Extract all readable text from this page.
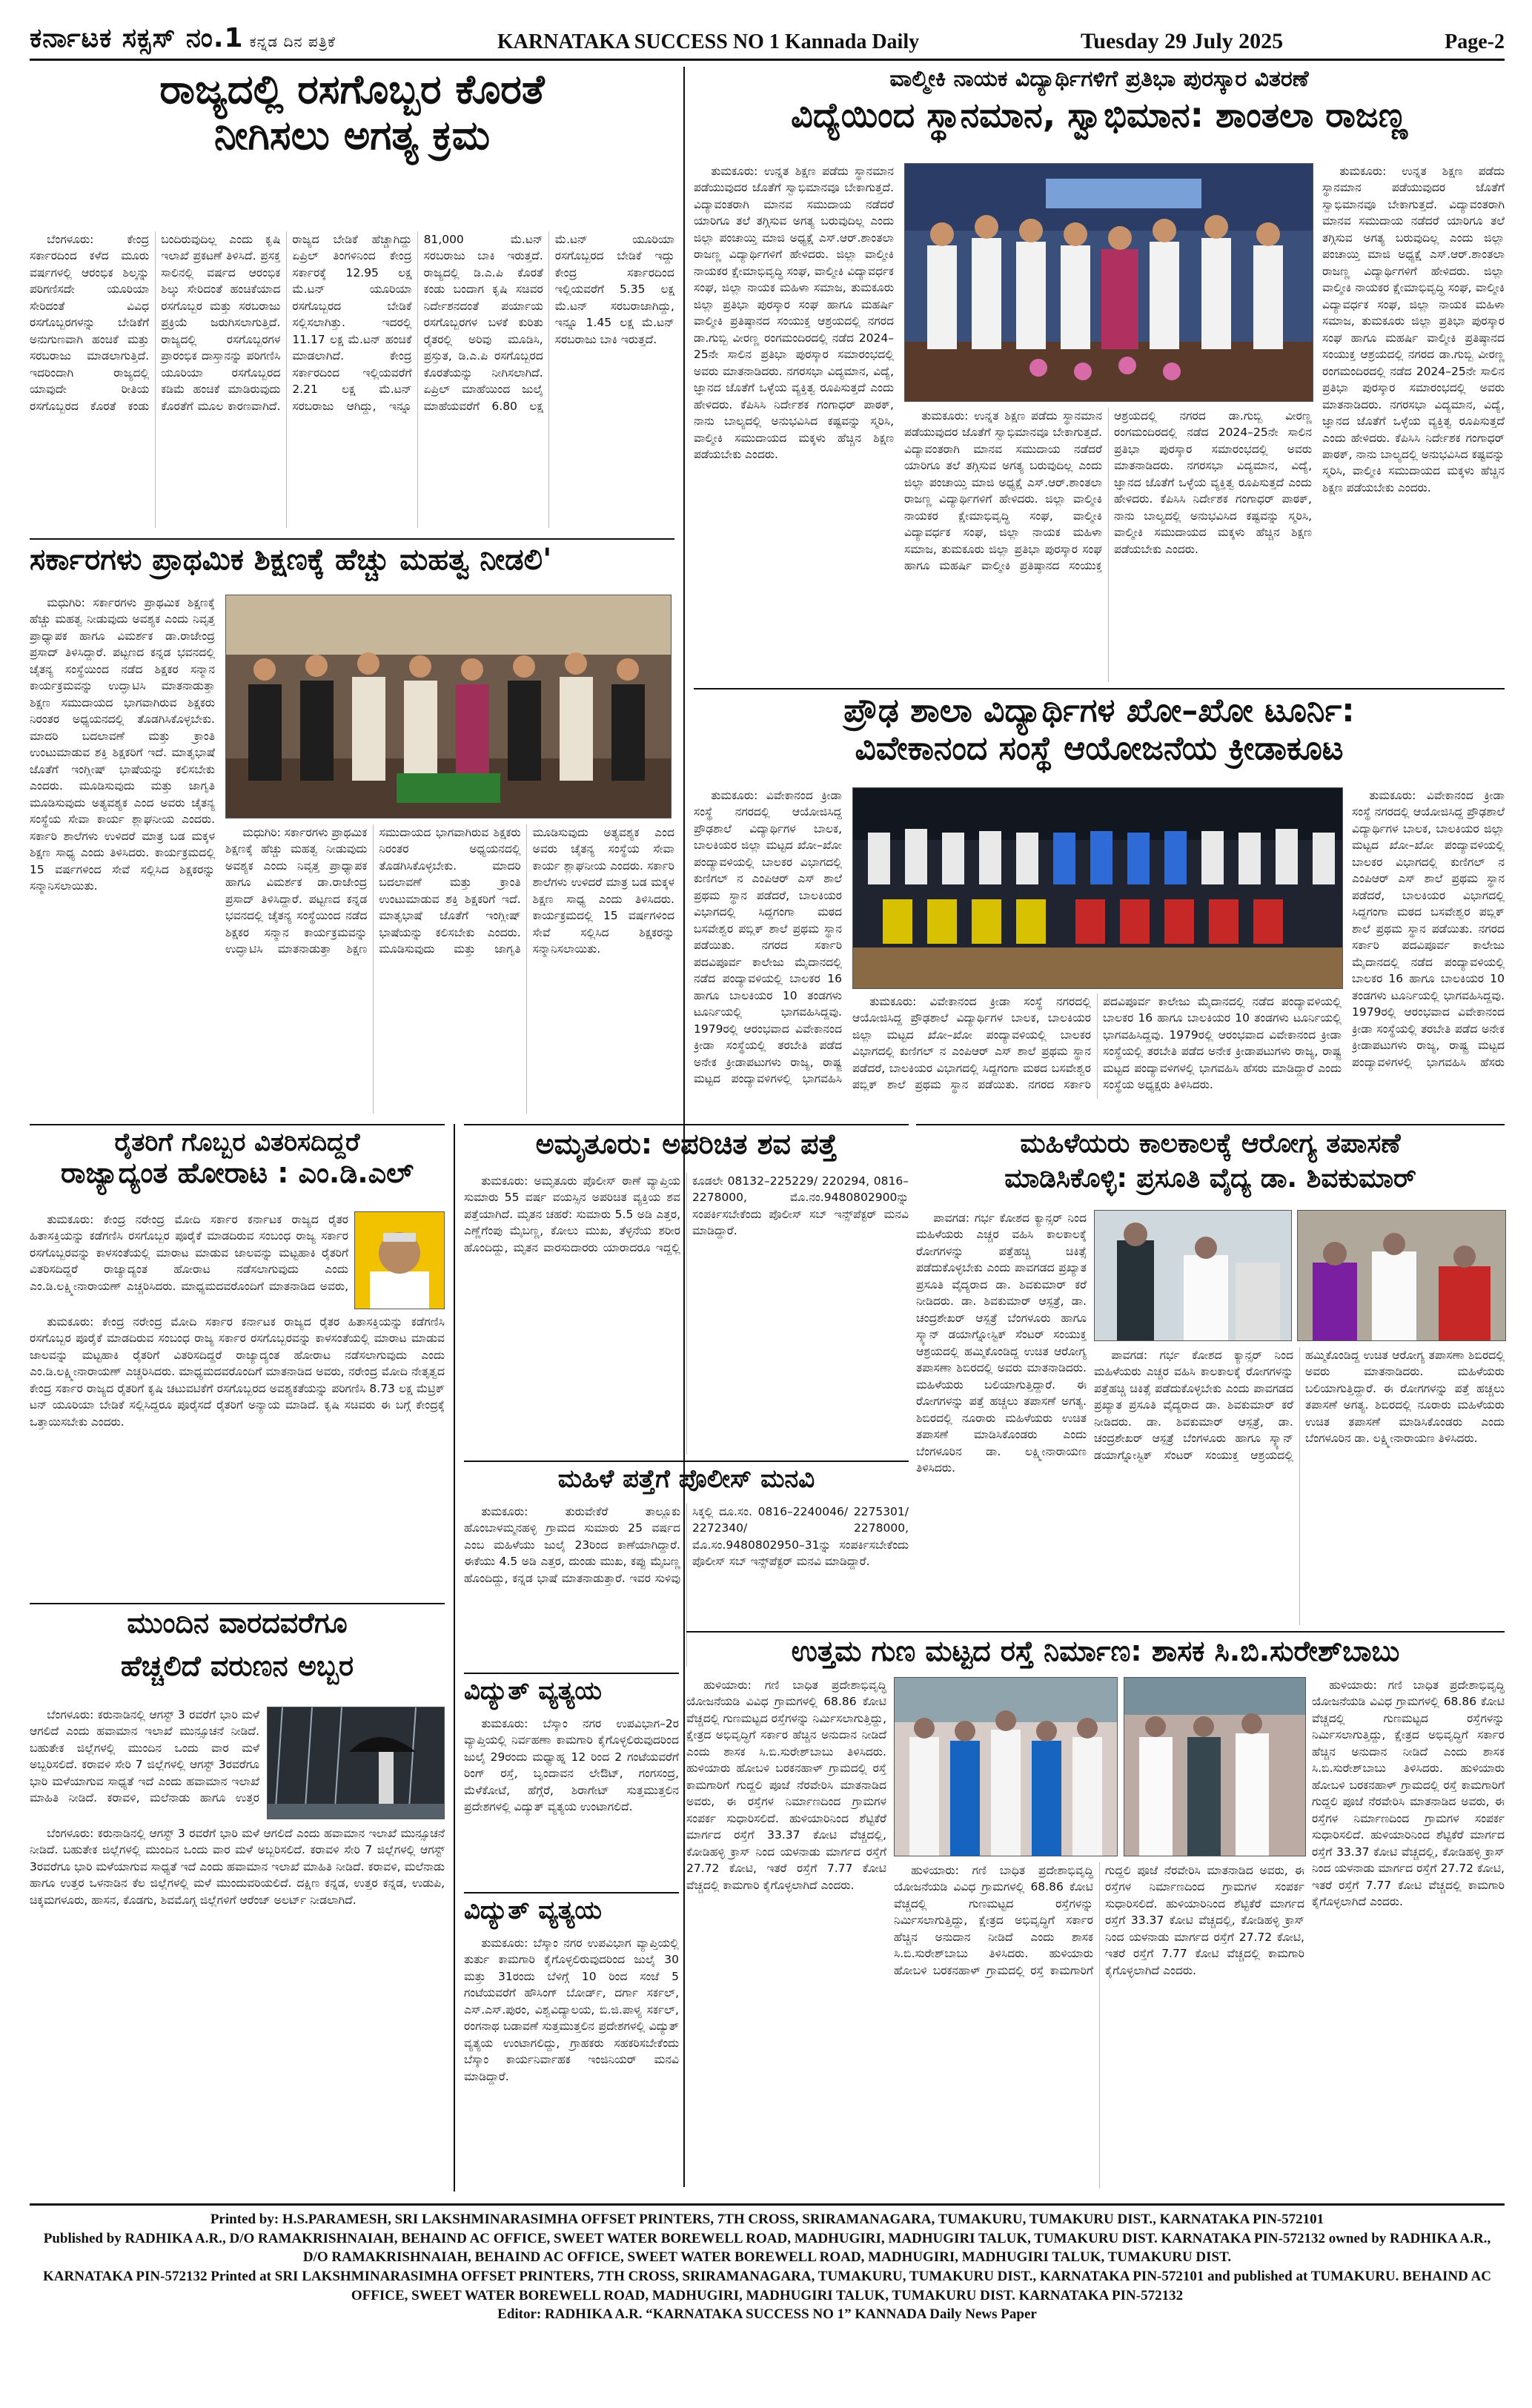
ಕರ್ನಾಟಕ ಸಕ್ಸಸ್ ನಂ.1 ಕನ್ನಡ ದಿನ ಪತ್ರಿಕೆ	KARNATAKA SUCCESS NO 1 Kannada Daily	Tuesday 29 July 2025	Page-2
ರಾಜ್ಯದಲ್ಲಿ ರಸಗೊಬ್ಬರ ಕೊರತೆ
ನೀಗಿಸಲು ಅಗತ್ಯ ಕ್ರಮ

ಬೆಂಗಳೂರು: ಕೇಂದ್ರ ಸರ್ಕಾರದಿಂದ ಕಳೆದ ಮೂರು ವರ್ಷಗಳಲ್ಲಿ ಆರಂಭಿಕ ಶಿಲ್ಕನ್ನು ಪರಿಗಣಿಸದೇ ಯೂರಿಯಾ ಸೇರಿದಂತೆ ವಿವಿಧ ರಸಗೊಬ್ಬರಗಳನ್ನು ಬೇಡಿಕೆಗೆ ಅನುಗುಣವಾಗಿ ಹಂಚಿಕೆ ಮತ್ತು ಸರಬರಾಜು ಮಾಡಲಾಗುತ್ತಿದೆ. ಇದರಿಂದಾಗಿ ರಾಜ್ಯದಲ್ಲಿ ಯಾವುದೇ ರೀತಿಯ ರಸಗೊಬ್ಬರದ ಕೊರತೆ ಕಂಡು ಬಂದಿರುವುದಿಲ್ಲ ಎಂದು ಕೃಷಿ ಇಲಾಖೆ ಪ್ರಕಟಣೆ ತಿಳಿಸಿದೆ. ಪ್ರಸಕ್ತ ಸಾಲಿನಲ್ಲಿ ವರ್ಷದ ಆರಂಭಿಕ ಶಿಲ್ಕು ಸೇರಿದಂತೆ ಹಂಚಿಕೆಯಾದ ರಸಗೊಬ್ಬರ ಮತ್ತು ಸರಬರಾಜು ಪ್ರಕ್ರಿಯೆ ಜರುಗಿಸಲಾಗುತ್ತಿದೆ. ರಾಜ್ಯದಲ್ಲಿ ರಸಗೊಬ್ಬರಗಳ ಪ್ರಾರಂಭಿಕ ದಾಸ್ತಾನನ್ನು ಪರಿಗಣಿಸಿ ಯೂರಿಯಾ ರಸಗೊಬ್ಬರದ ಕಡಿಮೆ ಹಂಚಿಕೆ ಮಾಡಿರುವುದು ಕೊರತೆಗೆ ಮೂಲ ಕಾರಣವಾಗಿದೆ. ರಾಜ್ಯದ ಬೇಡಿಕೆ ಹೆಚ್ಚಾಗಿದ್ದು ಏಪ್ರಿಲ್ ತಿಂಗಳಿನಿಂದ ಕೇಂದ್ರ ಸರ್ಕಾರಕ್ಕೆ 12.95 ಲಕ್ಷ ಮೆ.ಟನ್ ಯೂರಿಯಾ ರಸಗೊಬ್ಬರದ ಬೇಡಿಕೆ ಸಲ್ಲಿಸಲಾಗಿತ್ತು. ಇದರಲ್ಲಿ 11.17 ಲಕ್ಷ ಮೆ.ಟನ್ ಹಂಚಿಕೆ ಮಾಡಲಾಗಿದೆ. ಕೇಂದ್ರ ಸರ್ಕಾರದಿಂದ ಇಲ್ಲಿಯವರೆಗೆ 2.21 ಲಕ್ಷ ಮೆ.ಟನ್ ಸರಬರಾಜು ಆಗಿದ್ದು, ಇನ್ನೂ 81,000 ಮೆ.ಟನ್ ಸರಬರಾಜು ಬಾಕಿ ಇರುತ್ತದೆ. ರಾಜ್ಯದಲ್ಲಿ ಡಿ.ಎ.ಪಿ ಕೊರತೆ ಕಂಡು ಬಂದಾಗ ಕೃಷಿ ಸಚಿವರ ನಿರ್ದೇಶನದಂತೆ ಪರ್ಯಾಯ ರಸಗೊಬ್ಬರಗಳ ಬಳಕೆ ಕುರಿತು ರೈತರಲ್ಲಿ ಅರಿವು ಮೂಡಿಸಿ, ಪ್ರಸ್ತುತ, ಡಿ.ಎ.ಪಿ ರಸಗೊಬ್ಬರದ ಕೊರತೆಯನ್ನು ನೀಗಿಸಲಾಗಿದೆ. ಏಪ್ರಿಲ್ ಮಾಹೆಯಿಂದ ಜುಲೈ ಮಾಹೆಯವರೆಗೆ 6.80 ಲಕ್ಷ ಮೆ.ಟನ್ ಯೂರಿಯಾ ರಸಗೊಬ್ಬರದ ಬೇಡಿಕೆ ಇದ್ದು ಕೇಂದ್ರ ಸರ್ಕಾರದಿಂದ ಇಲ್ಲಿಯವರೆಗೆ 5.35 ಲಕ್ಷ ಮೆ.ಟನ್ ಸರಬರಾಜಾಗಿದ್ದು, ಇನ್ನೂ 1.45 ಲಕ್ಷ ಮೆ.ಟನ್ ಸರಬರಾಜು ಬಾಕಿ ಇರುತ್ತದೆ.

ವಾಲ್ಮೀಕಿ ನಾಯಕ ವಿದ್ಯಾರ್ಥಿಗಳಿಗೆ ಪ್ರತಿಭಾ ಪುರಸ್ಕಾರ ವಿತರಣೆ
ವಿದ್ಯೆಯಿಂದ ಸ್ಥಾನಮಾನ, ಸ್ವಾಭಿಮಾನ: ಶಾಂತಲಾ ರಾಜಣ್ಣ

ತುಮಕೂರು: ಉನ್ನತ ಶಿಕ್ಷಣ ಪಡೆದು ಸ್ಥಾನಮಾನ ಪಡೆಯುವುದರ ಜೊತೆಗೆ ಸ್ವಾಭಿಮಾನವೂ ಬೇಕಾಗುತ್ತದೆ. ವಿದ್ಯಾವಂತರಾಗಿ ಮಾನವ ಸಮುದಾಯ ನಡೆದರೆ ಯಾರಿಗೂ ತಲೆ ತಗ್ಗಿಸುವ ಅಗತ್ಯ ಬರುವುದಿಲ್ಲ ಎಂದು ಜಿಲ್ಲಾ ಪಂಚಾಯ್ತಿ ಮಾಜಿ ಅಧ್ಯಕ್ಷೆ ಎಸ್.ಆರ್.ಶಾಂತಲಾ ರಾಜಣ್ಣ ವಿದ್ಯಾರ್ಥಿಗಳಿಗೆ ಹೇಳಿದರು. ಜಿಲ್ಲಾ ವಾಲ್ಮೀಕಿ ನಾಯಕರ ಕ್ಷೇಮಾಭಿವೃದ್ಧಿ ಸಂಘ, ವಾಲ್ಮೀಕಿ ವಿದ್ಯಾವರ್ಧಕ ಸಂಘ, ಜಿಲ್ಲಾ ನಾಯಕ ಮಹಿಳಾ ಸಮಾಜ, ತುಮಕೂರು ಜಿಲ್ಲಾ ಪ್ರತಿಭಾ ಪುರಸ್ಕಾರ ಸಂಘ ಹಾಗೂ ಮಹರ್ಷಿ ವಾಲ್ಮೀಕಿ ಪ್ರತಿಷ್ಠಾನದ ಸಂಯುಕ್ತ ಆಶ್ರಯದಲ್ಲಿ ನಗರದ ಡಾ.ಗುಬ್ಬಿ ವೀರಣ್ಣ ರಂಗಮಂದಿರದಲ್ಲಿ ನಡೆದ 2024–25ನೇ ಸಾಲಿನ ಪ್ರತಿಭಾ ಪುರಸ್ಕಾರ ಸಮಾರಂಭದಲ್ಲಿ ಅವರು ಮಾತನಾಡಿದರು. ನಗರಸಭಾ ವಿದ್ಯಮಾನ, ವಿದ್ಯೆ, ಜ್ಞಾನದ ಜೊತೆಗೆ ಒಳ್ಳೆಯ ವ್ಯಕ್ತಿತ್ವ ರೂಪಿಸುತ್ತದೆ ಎಂದು ಹೇಳಿದರು. ಕೆಪಿಸಿಸಿ ನಿರ್ದೇಶಕ ಗಂಗಾಧರ್ ಪಾಠಕ್, ನಾನು ಬಾಲ್ಯದಲ್ಲಿ ಅನುಭವಿಸಿದ ಕಷ್ಟವನ್ನು ಸ್ಮರಿಸಿ, ವಾಲ್ಮೀಕಿ ಸಮುದಾಯದ ಮಕ್ಕಳು ಹೆಚ್ಚಿನ ಶಿಕ್ಷಣ ಪಡೆಯಬೇಕು ಎಂದರು.

ತುಮಕೂರು: ಉನ್ನತ ಶಿಕ್ಷಣ ಪಡೆದು ಸ್ಥಾನಮಾನ ಪಡೆಯುವುದರ ಜೊತೆಗೆ ಸ್ವಾಭಿಮಾನವೂ ಬೇಕಾಗುತ್ತದೆ. ವಿದ್ಯಾವಂತರಾಗಿ ಮಾನವ ಸಮುದಾಯ ನಡೆದರೆ ಯಾರಿಗೂ ತಲೆ ತಗ್ಗಿಸುವ ಅಗತ್ಯ ಬರುವುದಿಲ್ಲ ಎಂದು ಜಿಲ್ಲಾ ಪಂಚಾಯ್ತಿ ಮಾಜಿ ಅಧ್ಯಕ್ಷೆ ಎಸ್.ಆರ್.ಶಾಂತಲಾ ರಾಜಣ್ಣ ವಿದ್ಯಾರ್ಥಿಗಳಿಗೆ ಹೇಳಿದರು. ಜಿಲ್ಲಾ ವಾಲ್ಮೀಕಿ ನಾಯಕರ ಕ್ಷೇಮಾಭಿವೃದ್ಧಿ ಸಂಘ, ವಾಲ್ಮೀಕಿ ವಿದ್ಯಾವರ್ಧಕ ಸಂಘ, ಜಿಲ್ಲಾ ನಾಯಕ ಮಹಿಳಾ ಸಮಾಜ, ತುಮಕೂರು ಜಿಲ್ಲಾ ಪ್ರತಿಭಾ ಪುರಸ್ಕಾರ ಸಂಘ ಹಾಗೂ ಮಹರ್ಷಿ ವಾಲ್ಮೀಕಿ ಪ್ರತಿಷ್ಠಾನದ ಸಂಯುಕ್ತ ಆಶ್ರಯದಲ್ಲಿ ನಗರದ ಡಾ.ಗುಬ್ಬಿ ವೀರಣ್ಣ ರಂಗಮಂದಿರದಲ್ಲಿ ನಡೆದ 2024–25ನೇ ಸಾಲಿನ ಪ್ರತಿಭಾ ಪುರಸ್ಕಾರ ಸಮಾರಂಭದಲ್ಲಿ ಅವರು ಮಾತನಾಡಿದರು. ನಗರಸಭಾ ವಿದ್ಯಮಾನ, ವಿದ್ಯೆ, ಜ್ಞಾನದ ಜೊತೆಗೆ ಒಳ್ಳೆಯ ವ್ಯಕ್ತಿತ್ವ ರೂಪಿಸುತ್ತದೆ ಎಂದು ಹೇಳಿದರು. ಕೆಪಿಸಿಸಿ ನಿರ್ದೇಶಕ ಗಂಗಾಧರ್ ಪಾಠಕ್, ನಾನು ಬಾಲ್ಯದಲ್ಲಿ ಅನುಭವಿಸಿದ ಕಷ್ಟವನ್ನು ಸ್ಮರಿಸಿ, ವಾಲ್ಮೀಕಿ ಸಮುದಾಯದ ಮಕ್ಕಳು ಹೆಚ್ಚಿನ ಶಿಕ್ಷಣ ಪಡೆಯಬೇಕು ಎಂದರು.

ತುಮಕೂರು: ಉನ್ನತ ಶಿಕ್ಷಣ ಪಡೆದು ಸ್ಥಾನಮಾನ ಪಡೆಯುವುದರ ಜೊತೆಗೆ ಸ್ವಾಭಿಮಾನವೂ ಬೇಕಾಗುತ್ತದೆ. ವಿದ್ಯಾವಂತರಾಗಿ ಮಾನವ ಸಮುದಾಯ ನಡೆದರೆ ಯಾರಿಗೂ ತಲೆ ತಗ್ಗಿಸುವ ಅಗತ್ಯ ಬರುವುದಿಲ್ಲ ಎಂದು ಜಿಲ್ಲಾ ಪಂಚಾಯ್ತಿ ಮಾಜಿ ಅಧ್ಯಕ್ಷೆ ಎಸ್.ಆರ್.ಶಾಂತಲಾ ರಾಜಣ್ಣ ವಿದ್ಯಾರ್ಥಿಗಳಿಗೆ ಹೇಳಿದರು. ಜಿಲ್ಲಾ ವಾಲ್ಮೀಕಿ ನಾಯಕರ ಕ್ಷೇಮಾಭಿವೃದ್ಧಿ ಸಂಘ, ವಾಲ್ಮೀಕಿ ವಿದ್ಯಾವರ್ಧಕ ಸಂಘ, ಜಿಲ್ಲಾ ನಾಯಕ ಮಹಿಳಾ ಸಮಾಜ, ತುಮಕೂರು ಜಿಲ್ಲಾ ಪ್ರತಿಭಾ ಪುರಸ್ಕಾರ ಸಂಘ ಹಾಗೂ ಮಹರ್ಷಿ ವಾಲ್ಮೀಕಿ ಪ್ರತಿಷ್ಠಾನದ ಸಂಯುಕ್ತ ಆಶ್ರಯದಲ್ಲಿ ನಗರದ ಡಾ.ಗುಬ್ಬಿ ವೀರಣ್ಣ ರಂಗಮಂದಿರದಲ್ಲಿ ನಡೆದ 2024–25ನೇ ಸಾಲಿನ ಪ್ರತಿಭಾ ಪುರಸ್ಕಾರ ಸಮಾರಂಭದಲ್ಲಿ ಅವರು ಮಾತನಾಡಿದರು. ನಗರಸಭಾ ವಿದ್ಯಮಾನ, ವಿದ್ಯೆ, ಜ್ಞಾನದ ಜೊತೆಗೆ ಒಳ್ಳೆಯ ವ್ಯಕ್ತಿತ್ವ ರೂಪಿಸುತ್ತದೆ ಎಂದು ಹೇಳಿದರು. ಕೆಪಿಸಿಸಿ ನಿರ್ದೇಶಕ ಗಂಗಾಧರ್ ಪಾಠಕ್, ನಾನು ಬಾಲ್ಯದಲ್ಲಿ ಅನುಭವಿಸಿದ ಕಷ್ಟವನ್ನು ಸ್ಮರಿಸಿ, ವಾಲ್ಮೀಕಿ ಸಮುದಾಯದ ಮಕ್ಕಳು ಹೆಚ್ಚಿನ ಶಿಕ್ಷಣ ಪಡೆಯಬೇಕು ಎಂದರು.

ಸರ್ಕಾರಗಳು ಪ್ರಾಥಮಿಕ ಶಿಕ್ಷಣಕ್ಕೆ ಹೆಚ್ಚು ಮಹತ್ವ ನೀಡಲಿ'

ಮಧುಗಿರಿ: ಸರ್ಕಾರಗಳು ಪ್ರಾಥಮಿಕ ಶಿಕ್ಷಣಕ್ಕೆ ಹೆಚ್ಚು ಮಹತ್ವ ನೀಡುವುದು ಅವಶ್ಯಕ ಎಂದು ನಿವೃತ್ತ ಪ್ರಾಧ್ಯಾಪಕ ಹಾಗೂ ವಿಮರ್ಶಕ ಡಾ.ರಾಜೇಂದ್ರ ಪ್ರಸಾದ್ ತಿಳಿಸಿದ್ದಾರೆ. ಪಟ್ಟಣದ ಕನ್ನಡ ಭವನದಲ್ಲಿ ಚೈತನ್ಯ ಸಂಸ್ಥೆಯಿಂದ ನಡೆದ ಶಿಕ್ಷಕರ ಸನ್ಮಾನ ಕಾರ್ಯಕ್ರಮವನ್ನು ಉದ್ಘಾಟಿಸಿ ಮಾತನಾಡುತ್ತಾ ಶಿಕ್ಷಣ ಸಮುದಾಯದ ಭಾಗವಾಗಿರುವ ಶಿಕ್ಷಕರು ನಿರಂತರ ಅಧ್ಯಯನದಲ್ಲಿ ತೊಡಗಿಸಿಕೊಳ್ಳಬೇಕು. ಮಾದರಿ ಬದಲಾವಣೆ ಮತ್ತು ಕ್ರಾಂತಿ ಉಂಟುಮಾಡುವ ಶಕ್ತಿ ಶಿಕ್ಷಕರಿಗೆ ಇದೆ. ಮಾತೃಭಾಷೆ ಜೊತೆಗೆ ಇಂಗ್ಲೀಷ್ ಭಾಷೆಯನ್ನು ಕಲಿಸಬೇಕು ಎಂದರು. ಮೂಡಿಸುವುದು ಮತ್ತು ಜಾಗೃತಿ ಮೂಡಿಸುವುದು ಅತ್ಯವಶ್ಯಕ ಎಂದ ಅವರು ಚೈತನ್ಯ ಸಂಸ್ಥೆಯ ಸೇವಾ ಕಾರ್ಯ ಶ್ಲಾಘನೀಯ ಎಂದರು. ಸರ್ಕಾರಿ ಶಾಲೆಗಳು ಉಳಿದರೆ ಮಾತ್ರ ಬಡ ಮಕ್ಕಳ ಶಿಕ್ಷಣ ಸಾಧ್ಯ ಎಂದು ತಿಳಿಸಿದರು. ಕಾರ್ಯಕ್ರಮದಲ್ಲಿ 15 ವರ್ಷಗಳಿಂದ ಸೇವೆ ಸಲ್ಲಿಸಿದ ಶಿಕ್ಷಕರನ್ನು ಸನ್ಮಾನಿಸಲಾಯಿತು.

ಮಧುಗಿರಿ: ಸರ್ಕಾರಗಳು ಪ್ರಾಥಮಿಕ ಶಿಕ್ಷಣಕ್ಕೆ ಹೆಚ್ಚು ಮಹತ್ವ ನೀಡುವುದು ಅವಶ್ಯಕ ಎಂದು ನಿವೃತ್ತ ಪ್ರಾಧ್ಯಾಪಕ ಹಾಗೂ ವಿಮರ್ಶಕ ಡಾ.ರಾಜೇಂದ್ರ ಪ್ರಸಾದ್ ತಿಳಿಸಿದ್ದಾರೆ. ಪಟ್ಟಣದ ಕನ್ನಡ ಭವನದಲ್ಲಿ ಚೈತನ್ಯ ಸಂಸ್ಥೆಯಿಂದ ನಡೆದ ಶಿಕ್ಷಕರ ಸನ್ಮಾನ ಕಾರ್ಯಕ್ರಮವನ್ನು ಉದ್ಘಾಟಿಸಿ ಮಾತನಾಡುತ್ತಾ ಶಿಕ್ಷಣ ಸಮುದಾಯದ ಭಾಗವಾಗಿರುವ ಶಿಕ್ಷಕರು ನಿರಂತರ ಅಧ್ಯಯನದಲ್ಲಿ ತೊಡಗಿಸಿಕೊಳ್ಳಬೇಕು. ಮಾದರಿ ಬದಲಾವಣೆ ಮತ್ತು ಕ್ರಾಂತಿ ಉಂಟುಮಾಡುವ ಶಕ್ತಿ ಶಿಕ್ಷಕರಿಗೆ ಇದೆ. ಮಾತೃಭಾಷೆ ಜೊತೆಗೆ ಇಂಗ್ಲೀಷ್ ಭಾಷೆಯನ್ನು ಕಲಿಸಬೇಕು ಎಂದರು. ಮೂಡಿಸುವುದು ಮತ್ತು ಜಾಗೃತಿ ಮೂಡಿಸುವುದು ಅತ್ಯವಶ್ಯಕ ಎಂದ ಅವರು ಚೈತನ್ಯ ಸಂಸ್ಥೆಯ ಸೇವಾ ಕಾರ್ಯ ಶ್ಲಾಘನೀಯ ಎಂದರು. ಸರ್ಕಾರಿ ಶಾಲೆಗಳು ಉಳಿದರೆ ಮಾತ್ರ ಬಡ ಮಕ್ಕಳ ಶಿಕ್ಷಣ ಸಾಧ್ಯ ಎಂದು ತಿಳಿಸಿದರು. ಕಾರ್ಯಕ್ರಮದಲ್ಲಿ 15 ವರ್ಷಗಳಿಂದ ಸೇವೆ ಸಲ್ಲಿಸಿದ ಶಿಕ್ಷಕರನ್ನು ಸನ್ಮಾನಿಸಲಾಯಿತು.

ರೈತರಿಗೆ ಗೊಬ್ಬರ ವಿತರಿಸದಿದ್ದರೆ
ರಾಜ್ಯಾದ್ಯಂತ ಹೋರಾಟ : ಎಂ.ಡಿ.ಎಲ್

ತುಮಕೂರು: ಕೇಂದ್ರ ನರೇಂದ್ರ ಮೋದಿ ಸರ್ಕಾರ ಕರ್ನಾಟಕ ರಾಜ್ಯದ ರೈತರ ಹಿತಾಸಕ್ತಿಯನ್ನು ಕಡೆಗಣಿಸಿ ರಸಗೊಬ್ಬರ ಪೂರೈಕೆ ಮಾಡದಿರುವ ಸಂಬಂಧ ರಾಜ್ಯ ಸರ್ಕಾರ ರಸಗೊಬ್ಬರವನ್ನು ಕಾಳಸಂತೆಯಲ್ಲಿ ಮಾರಾಟ ಮಾಡುವ ಜಾಲವನ್ನು ಮಟ್ಟಹಾಕಿ ರೈತರಿಗೆ ವಿತರಿಸದಿದ್ದರೆ ರಾಜ್ಯಾದ್ಯಂತ ಹೋರಾಟ ನಡೆಸಲಾಗುವುದು ಎಂದು ಎಂ.ಡಿ.ಲಕ್ಷ್ಮೀನಾರಾಯಣ್ ಎಚ್ಚರಿಸಿದರು. ಮಾಧ್ಯಮದವರೊಂದಿಗೆ ಮಾತನಾಡಿದ ಅವರು,

ತುಮಕೂರು: ಕೇಂದ್ರ ನರೇಂದ್ರ ಮೋದಿ ಸರ್ಕಾರ ಕರ್ನಾಟಕ ರಾಜ್ಯದ ರೈತರ ಹಿತಾಸಕ್ತಿಯನ್ನು ಕಡೆಗಣಿಸಿ ರಸಗೊಬ್ಬರ ಪೂರೈಕೆ ಮಾಡದಿರುವ ಸಂಬಂಧ ರಾಜ್ಯ ಸರ್ಕಾರ ರಸಗೊಬ್ಬರವನ್ನು ಕಾಳಸಂತೆಯಲ್ಲಿ ಮಾರಾಟ ಮಾಡುವ ಜಾಲವನ್ನು ಮಟ್ಟಹಾಕಿ ರೈತರಿಗೆ ವಿತರಿಸದಿದ್ದರೆ ರಾಜ್ಯಾದ್ಯಂತ ಹೋರಾಟ ನಡೆಸಲಾಗುವುದು ಎಂದು ಎಂ.ಡಿ.ಲಕ್ಷ್ಮೀನಾರಾಯಣ್ ಎಚ್ಚರಿಸಿದರು. ಮಾಧ್ಯಮದವರೊಂದಿಗೆ ಮಾತನಾಡಿದ ಅವರು, ನರೇಂದ್ರ ಮೋದಿ ನೇತೃತ್ವದ ಕೇಂದ್ರ ಸರ್ಕಾರ ರಾಜ್ಯದ ರೈತರಿಗೆ ಕೃಷಿ ಚಟುವಟಿಕೆಗೆ ರಸಗೊಬ್ಬರದ ಅವಶ್ಯಕತೆಯನ್ನು ಪರಿಗಣಿಸಿ 8.73 ಲಕ್ಷ ಮೆಟ್ರಿಕ್ ಟನ್ ಯೂರಿಯಾ ಬೇಡಿಕೆ ಸಲ್ಲಿಸಿದ್ದರೂ ಪೂರೈಸದೆ ರೈತರಿಗೆ ಅನ್ಯಾಯ ಮಾಡಿದೆ. ಕೃಷಿ ಸಚಿವರು ಈ ಬಗ್ಗೆ ಕೇಂದ್ರಕ್ಕೆ ಒತ್ತಾಯಿಸಬೇಕು ಎಂದರು.

ಮುಂದಿನ ವಾರದವರೆಗೂ
ಹೆಚ್ಚಲಿದೆ ವರುಣನ ಅಬ್ಬರ

ಬೆಂಗಳೂರು: ಕರುನಾಡಿನಲ್ಲಿ ಆಗಸ್ಟ್ 3 ರವರೆಗೆ ಭಾರಿ ಮಳೆ ಆಗಲಿದೆ ಎಂದು ಹವಾಮಾನ ಇಲಾಖೆ ಮುನ್ಸೂಚನೆ ನೀಡಿದೆ. ಬಹುತೇಕ ಜಿಲ್ಲೆಗಳಲ್ಲಿ ಮುಂದಿನ ಒಂದು ವಾರ ಮಳೆ ಅಬ್ಬರಿಸಲಿದೆ. ಕರಾವಳಿ ಸೇರಿ 7 ಜಿಲ್ಲೆಗಳಲ್ಲಿ ಆಗಸ್ಟ್ 3ರವರೆಗೂ ಭಾರಿ ಮಳೆಯಾಗುವ ಸಾಧ್ಯತೆ ಇದೆ ಎಂದು ಹವಾಮಾನ ಇಲಾಖೆ ಮಾಹಿತಿ ನೀಡಿದೆ. ಕರಾವಳಿ, ಮಲೆನಾಡು ಹಾಗೂ ಉತ್ತರ

ಬೆಂಗಳೂರು: ಕರುನಾಡಿನಲ್ಲಿ ಆಗಸ್ಟ್ 3 ರವರೆಗೆ ಭಾರಿ ಮಳೆ ಆಗಲಿದೆ ಎಂದು ಹವಾಮಾನ ಇಲಾಖೆ ಮುನ್ಸೂಚನೆ ನೀಡಿದೆ. ಬಹುತೇಕ ಜಿಲ್ಲೆಗಳಲ್ಲಿ ಮುಂದಿನ ಒಂದು ವಾರ ಮಳೆ ಅಬ್ಬರಿಸಲಿದೆ. ಕರಾವಳಿ ಸೇರಿ 7 ಜಿಲ್ಲೆಗಳಲ್ಲಿ ಆಗಸ್ಟ್ 3ರವರೆಗೂ ಭಾರಿ ಮಳೆಯಾಗುವ ಸಾಧ್ಯತೆ ಇದೆ ಎಂದು ಹವಾಮಾನ ಇಲಾಖೆ ಮಾಹಿತಿ ನೀಡಿದೆ. ಕರಾವಳಿ, ಮಲೆನಾಡು ಹಾಗೂ ಉತ್ತರ ಒಳನಾಡಿನ ಕೆಲ ಜಿಲ್ಲೆಗಳಲ್ಲಿ ಮಳೆ ಮುಂದುವರಿಯಲಿದೆ. ದಕ್ಷಿಣ ಕನ್ನಡ, ಉತ್ತರ ಕನ್ನಡ, ಉಡುಪಿ, ಚಿಕ್ಕಮಗಳೂರು, ಹಾಸನ, ಕೊಡಗು, ಶಿವಮೊಗ್ಗ ಜಿಲ್ಲೆಗಳಿಗೆ ಆರೆಂಜ್ ಅಲರ್ಟ್ ನೀಡಲಾಗಿದೆ.

ಪ್ರೌಢ ಶಾಲಾ ವಿದ್ಯಾರ್ಥಿಗಳ ಖೋ–ಖೋ ಟೂರ್ನಿ:
ವಿವೇಕಾನಂದ ಸಂಸ್ಥೆ ಆಯೋಜನೆಯ ಕ್ರೀಡಾಕೂಟ

ತುಮಕೂರು: ವಿವೇಕಾನಂದ ಕ್ರೀಡಾ ಸಂಸ್ಥೆ ನಗರದಲ್ಲಿ ಆಯೋಜಿಸಿದ್ದ ಪ್ರೌಢಶಾಲೆ ವಿದ್ಯಾರ್ಥಿಗಳ ಬಾಲಕ, ಬಾಲಕಿಯರ ಜಿಲ್ಲಾ ಮಟ್ಟದ ಖೋ–ಖೋ ಪಂದ್ಯಾವಳಿಯಲ್ಲಿ ಬಾಲಕರ ವಿಭಾಗದಲ್ಲಿ ಕುಣಿಗಲ್ ನ ಎಂಪಿಆರ್ ಎಸ್ ಶಾಲೆ ಪ್ರಥಮ ಸ್ಥಾನ ಪಡೆದರೆ, ಬಾಲಕಿಯರ ವಿಭಾಗದಲ್ಲಿ ಸಿದ್ದಗಂಗಾ ಮಠದ ಬಸವೇಶ್ವರ ಪಬ್ಲಿಕ್ ಶಾಲೆ ಪ್ರಥಮ ಸ್ಥಾನ ಪಡೆಯಿತು. ನಗರದ ಸರ್ಕಾರಿ ಪದವಿಪೂರ್ವ ಕಾಲೇಜು ಮೈದಾನದಲ್ಲಿ ನಡೆದ ಪಂದ್ಯಾವಳಿಯಲ್ಲಿ ಬಾಲಕರ 16 ಹಾಗೂ ಬಾಲಕಿಯರ 10 ತಂಡಗಳು ಟೂರ್ನಿಯಲ್ಲಿ ಭಾಗವಹಿಸಿದ್ದವು. 1979ರಲ್ಲಿ ಆರಂಭವಾದ ವಿವೇಕಾನಂದ ಕ್ರೀಡಾ ಸಂಸ್ಥೆಯಲ್ಲಿ ತರಬೇತಿ ಪಡೆದ ಅನೇಕ ಕ್ರೀಡಾಪಟುಗಳು ರಾಜ್ಯ, ರಾಷ್ಟ್ರ ಮಟ್ಟದ ಪಂದ್ಯಾವಳಿಗಳಲ್ಲಿ ಭಾಗವಹಿಸಿ

ತುಮಕೂರು: ವಿವೇಕಾನಂದ ಕ್ರೀಡಾ ಸಂಸ್ಥೆ ನಗರದಲ್ಲಿ ಆಯೋಜಿಸಿದ್ದ ಪ್ರೌಢಶಾಲೆ ವಿದ್ಯಾರ್ಥಿಗಳ ಬಾಲಕ, ಬಾಲಕಿಯರ ಜಿಲ್ಲಾ ಮಟ್ಟದ ಖೋ–ಖೋ ಪಂದ್ಯಾವಳಿಯಲ್ಲಿ ಬಾಲಕರ ವಿಭಾಗದಲ್ಲಿ ಕುಣಿಗಲ್ ನ ಎಂಪಿಆರ್ ಎಸ್ ಶಾಲೆ ಪ್ರಥಮ ಸ್ಥಾನ ಪಡೆದರೆ, ಬಾಲಕಿಯರ ವಿಭಾಗದಲ್ಲಿ ಸಿದ್ದಗಂಗಾ ಮಠದ ಬಸವೇಶ್ವರ ಪಬ್ಲಿಕ್ ಶಾಲೆ ಪ್ರಥಮ ಸ್ಥಾನ ಪಡೆಯಿತು. ನಗರದ ಸರ್ಕಾರಿ ಪದವಿಪೂರ್ವ ಕಾಲೇಜು ಮೈದಾನದಲ್ಲಿ ನಡೆದ ಪಂದ್ಯಾವಳಿಯಲ್ಲಿ ಬಾಲಕರ 16 ಹಾಗೂ ಬಾಲಕಿಯರ 10 ತಂಡಗಳು ಟೂರ್ನಿಯಲ್ಲಿ ಭಾಗವಹಿಸಿದ್ದವು. 1979ರಲ್ಲಿ ಆರಂಭವಾದ ವಿವೇಕಾನಂದ ಕ್ರೀಡಾ ಸಂಸ್ಥೆಯಲ್ಲಿ ತರಬೇತಿ ಪಡೆದ ಅನೇಕ ಕ್ರೀಡಾಪಟುಗಳು ರಾಜ್ಯ, ರಾಷ್ಟ್ರ ಮಟ್ಟದ ಪಂದ್ಯಾವಳಿಗಳಲ್ಲಿ ಭಾಗವಹಿಸಿ ಹೆಸರು

ತುಮಕೂರು: ವಿವೇಕಾನಂದ ಕ್ರೀಡಾ ಸಂಸ್ಥೆ ನಗರದಲ್ಲಿ ಆಯೋಜಿಸಿದ್ದ ಪ್ರೌಢಶಾಲೆ ವಿದ್ಯಾರ್ಥಿಗಳ ಬಾಲಕ, ಬಾಲಕಿಯರ ಜಿಲ್ಲಾ ಮಟ್ಟದ ಖೋ–ಖೋ ಪಂದ್ಯಾವಳಿಯಲ್ಲಿ ಬಾಲಕರ ವಿಭಾಗದಲ್ಲಿ ಕುಣಿಗಲ್ ನ ಎಂಪಿಆರ್ ಎಸ್ ಶಾಲೆ ಪ್ರಥಮ ಸ್ಥಾನ ಪಡೆದರೆ, ಬಾಲಕಿಯರ ವಿಭಾಗದಲ್ಲಿ ಸಿದ್ದಗಂಗಾ ಮಠದ ಬಸವೇಶ್ವರ ಪಬ್ಲಿಕ್ ಶಾಲೆ ಪ್ರಥಮ ಸ್ಥಾನ ಪಡೆಯಿತು. ನಗರದ ಸರ್ಕಾರಿ ಪದವಿಪೂರ್ವ ಕಾಲೇಜು ಮೈದಾನದಲ್ಲಿ ನಡೆದ ಪಂದ್ಯಾವಳಿಯಲ್ಲಿ ಬಾಲಕರ 16 ಹಾಗೂ ಬಾಲಕಿಯರ 10 ತಂಡಗಳು ಟೂರ್ನಿಯಲ್ಲಿ ಭಾಗವಹಿಸಿದ್ದವು. 1979ರಲ್ಲಿ ಆರಂಭವಾದ ವಿವೇಕಾನಂದ ಕ್ರೀಡಾ ಸಂಸ್ಥೆಯಲ್ಲಿ ತರಬೇತಿ ಪಡೆದ ಅನೇಕ ಕ್ರೀಡಾಪಟುಗಳು ರಾಜ್ಯ, ರಾಷ್ಟ್ರ ಮಟ್ಟದ ಪಂದ್ಯಾವಳಿಗಳಲ್ಲಿ ಭಾಗವಹಿಸಿ ಹೆಸರು ಮಾಡಿದ್ದಾರೆ ಎಂದು ಸಂಸ್ಥೆಯ ಅಧ್ಯಕ್ಷರು ತಿಳಿಸಿದರು.

ಅಮೃತೂರು: ಅಪರಿಚಿತ ಶವ ಪತ್ತೆ

ತುಮಕೂರು: ಅಮೃತೂರು ಪೊಲೀಸ್ ಠಾಣೆ ವ್ಯಾಪ್ತಿಯ ಸುಮಾರು 55 ವರ್ಷ ವಯಸ್ಸಿನ ಅಪರಿಚಿತ ವ್ಯಕ್ತಿಯ ಶವ ಪತ್ತೆಯಾಗಿದೆ. ಮೃತನ ಚಹರೆ: ಸುಮಾರು 5.5 ಅಡಿ ಎತ್ತರ, ಎಣ್ಣೆಗೆಂಪು ಮೈಬಣ್ಣ, ಕೋಲು ಮುಖ, ತೆಳ್ಳನೆಯ ಶರೀರ ಹೊಂದಿದ್ದು, ಮೃತನ ವಾರಸುದಾರರು ಯಾರಾದರೂ ಇದ್ದಲ್ಲಿ ಕೂಡಲೇ 08132–225229/ 220294, 0816–2278000, ಮೊ.ನಂ.9480802900ನ್ನು ಸಂಪರ್ಕಿಸಬೇಕೆಂದು ಪೊಲೀಸ್ ಸಬ್ ಇನ್ಸ್‌ಪೆಕ್ಟರ್ ಮನವಿ ಮಾಡಿದ್ದಾರೆ.

ಮಹಿಳೆ ಪತ್ತೆಗೆ ಪೊಲೀಸ್ ಮನವಿ

ತುಮಕೂರು: ತುರುವೇಕೆರೆ ತಾಲ್ಲೂಕು ಹೊಂಬಾಳಮ್ಮನಹಳ್ಳಿ ಗ್ರಾಮದ ಸುಮಾರು 25 ವರ್ಷದ ಎಂಬ ಮಹಿಳೆಯು ಜುಲೈ 23ರಿಂದ ಕಾಣೆಯಾಗಿದ್ದಾರೆ. ಈಕೆಯು 4.5 ಅಡಿ ಎತ್ತರ, ದುಂಡು ಮುಖ, ಕಪ್ಪು ಮೈಬಣ್ಣ ಹೊಂದಿದ್ದು, ಕನ್ನಡ ಭಾಷೆ ಮಾತನಾಡುತ್ತಾರೆ. ಇವರ ಸುಳಿವು ಸಿಕ್ಕಲ್ಲಿ ದೂ.ಸಂ. 0816–2240046/ 2275301/ 2272340/ 2278000, ಮೊ.ಸಂ.9480802950–31ನ್ನು ಸಂಪರ್ಕಿಸಬೇಕೆಂದು ಪೊಲೀಸ್ ಸಬ್ ಇನ್ಸ್‌ಪೆಕ್ಟರ್ ಮನವಿ ಮಾಡಿದ್ದಾರೆ.

ವಿದ್ಯುತ್ ವ್ಯತ್ಯಯ

ತುಮಕೂರು: ಬೆಸ್ಕಾಂ ನಗರ ಉಪವಿಭಾಗ–2ರ ವ್ಯಾಪ್ತಿಯಲ್ಲಿ ನಿರ್ವಹಣಾ ಕಾಮಗಾರಿ ಕೈಗೊಳ್ಳಲಿರುವುದರಿಂದ ಜುಲೈ 29ರಂದು ಮಧ್ಯಾಹ್ನ 12 ರಿಂದ 2 ಗಂಟೆಯವರೆಗೆ ರಿಂಗ್ ರಸ್ತೆ, ಬೃಂದಾವನ ಲೇಔಟ್, ಗಂಗಸಂದ್ರ, ಮೆಳೆಕೋಟೆ, ಹೆಗ್ಗೆರೆ, ಶಿರಾಗೇಟ್ ಸುತ್ತಮುತ್ತಲಿನ ಪ್ರದೇಶಗಳಲ್ಲಿ ವಿದ್ಯುತ್ ವ್ಯತ್ಯಯ ಉಂಟಾಗಲಿದೆ.

ವಿದ್ಯುತ್ ವ್ಯತ್ಯಯ

ತುಮಕೂರು: ಬೆಸ್ಕಾಂ ನಗರ ಉಪವಿಭಾಗ ವ್ಯಾಪ್ತಿಯಲ್ಲಿ ತುರ್ತು ಕಾಮಗಾರಿ ಕೈಗೊಳ್ಳಲಿರುವುದರಿಂದ ಜುಲೈ 30 ಮತ್ತು 31ರಂದು ಬೆಳಿಗ್ಗೆ 10 ರಿಂದ ಸಂಜೆ 5 ಗಂಟೆಯವರೆಗೆ ಹೌಸಿಂಗ್ ಬೋರ್ಡ್, ದರ್ಗಾ ಸರ್ಕಲ್, ಎಸ್.ಎಸ್.ಪುರಂ, ವಿಶ್ವವಿದ್ಯಾಲಯ, ಬಿ.ಜಿ.ಪಾಳ್ಯ ಸರ್ಕಲ್, ರಂಗನಾಥ ಬಡಾವಣೆ ಸುತ್ತಮುತ್ತಲಿನ ಪ್ರದೇಶಗಳಲ್ಲಿ ವಿದ್ಯುತ್ ವ್ಯತ್ಯಯ ಉಂಟಾಗಲಿದ್ದು, ಗ್ರಾಹಕರು ಸಹಕರಿಸಬೇಕೆಂದು ಬೆಸ್ಕಾಂ ಕಾರ್ಯನಿರ್ವಾಹಕ ಇಂಜಿನಿಯರ್ ಮನವಿ ಮಾಡಿದ್ದಾರೆ.

ಮಹಿಳೆಯರು ಕಾಲಕಾಲಕ್ಕೆ ಆರೋಗ್ಯ ತಪಾಸಣೆ
ಮಾಡಿಸಿಕೊಳ್ಳಿ: ಪ್ರಸೂತಿ ವೈದ್ಯ ಡಾ. ಶಿವಕುಮಾರ್

ಪಾವಗಡ: ಗರ್ಭ ಕೋಶದ ಕ್ಯಾನ್ಸರ್ ನಿಂದ ಮಹಿಳೆಯರು ಎಚ್ಚರ ವಹಿಸಿ ಕಾಲಕಾಲಕ್ಕೆ ರೋಗಗಳನ್ನು ಪತ್ತೆಹಚ್ಚಿ ಚಿಕಿತ್ಸೆ ಪಡೆದುಕೊಳ್ಳಬೇಕು ಎಂದು ಪಾವಗಡದ ಪ್ರಖ್ಯಾತ ಪ್ರಸೂತಿ ವೈದ್ಯರಾದ ಡಾ. ಶಿವಕುಮಾರ್ ಕರೆ ನೀಡಿದರು. ಡಾ. ಶಿವಕುಮಾರ್ ಆಸ್ಪತ್ರೆ, ಡಾ. ಚಂದ್ರಶೇಖರ್ ಆಸ್ಪತ್ರೆ ಬೆಂಗಳೂರು ಹಾಗೂ ಸ್ಕ್ಯಾನ್ ಡಯಾಗ್ನೋಸ್ಟಿಕ್ ಸೆಂಟರ್ ಸಂಯುಕ್ತ ಆಶ್ರಯದಲ್ಲಿ ಹಮ್ಮಿಕೊಂಡಿದ್ದ ಉಚಿತ ಆರೋಗ್ಯ ತಪಾಸಣಾ ಶಿಬಿರದಲ್ಲಿ ಅವರು ಮಾತನಾಡಿದರು. ಮಹಿಳೆಯರು ಬಲಿಯಾಗುತ್ತಿದ್ದಾರೆ. ಈ ರೋಗಗಳನ್ನು ಪತ್ತೆ ಹಚ್ಚಲು ತಪಾಸಣೆ ಅಗತ್ಯ. ಶಿಬಿರದಲ್ಲಿ ನೂರಾರು ಮಹಿಳೆಯರು ಉಚಿತ ತಪಾಸಣೆ ಮಾಡಿಸಿಕೊಂಡರು ಎಂದು ಬೆಂಗಳೂರಿನ ಡಾ. ಲಕ್ಷ್ಮೀನಾರಾಯಣ ತಿಳಿಸಿದರು.

ಪಾವಗಡ: ಗರ್ಭ ಕೋಶದ ಕ್ಯಾನ್ಸರ್ ನಿಂದ ಮಹಿಳೆಯರು ಎಚ್ಚರ ವಹಿಸಿ ಕಾಲಕಾಲಕ್ಕೆ ರೋಗಗಳನ್ನು ಪತ್ತೆಹಚ್ಚಿ ಚಿಕಿತ್ಸೆ ಪಡೆದುಕೊಳ್ಳಬೇಕು ಎಂದು ಪಾವಗಡದ ಪ್ರಖ್ಯಾತ ಪ್ರಸೂತಿ ವೈದ್ಯರಾದ ಡಾ. ಶಿವಕುಮಾರ್ ಕರೆ ನೀಡಿದರು. ಡಾ. ಶಿವಕುಮಾರ್ ಆಸ್ಪತ್ರೆ, ಡಾ. ಚಂದ್ರಶೇಖರ್ ಆಸ್ಪತ್ರೆ ಬೆಂಗಳೂರು ಹಾಗೂ ಸ್ಕ್ಯಾನ್ ಡಯಾಗ್ನೋಸ್ಟಿಕ್ ಸೆಂಟರ್ ಸಂಯುಕ್ತ ಆಶ್ರಯದಲ್ಲಿ ಹಮ್ಮಿಕೊಂಡಿದ್ದ ಉಚಿತ ಆರೋಗ್ಯ ತಪಾಸಣಾ ಶಿಬಿರದಲ್ಲಿ ಅವರು ಮಾತನಾಡಿದರು. ಮಹಿಳೆಯರು ಬಲಿಯಾಗುತ್ತಿದ್ದಾರೆ. ಈ ರೋಗಗಳನ್ನು ಪತ್ತೆ ಹಚ್ಚಲು ತಪಾಸಣೆ ಅಗತ್ಯ. ಶಿಬಿರದಲ್ಲಿ ನೂರಾರು ಮಹಿಳೆಯರು ಉಚಿತ ತಪಾಸಣೆ ಮಾಡಿಸಿಕೊಂಡರು ಎಂದು ಬೆಂಗಳೂರಿನ ಡಾ. ಲಕ್ಷ್ಮೀನಾರಾಯಣ ತಿಳಿಸಿದರು.

ಉತ್ತಮ ಗುಣ ಮಟ್ಟದ ರಸ್ತೆ ನಿರ್ಮಾಣ: ಶಾಸಕ ಸಿ.ಬಿ.ಸುರೇಶ್‌ಬಾಬು

ಹುಳಿಯಾರು: ಗಣಿ ಬಾಧಿತ ಪ್ರದೇಶಾಭಿವೃದ್ಧಿ ಯೋಜನೆಯಡಿ ವಿವಿಧ ಗ್ರಾಮಗಳಲ್ಲಿ 68.86 ಕೋಟಿ ವೆಚ್ಚದಲ್ಲಿ ಗುಣಮಟ್ಟದ ರಸ್ತೆಗಳನ್ನು ನಿರ್ಮಿಸಲಾಗುತ್ತಿದ್ದು, ಕ್ಷೇತ್ರದ ಅಭಿವೃದ್ಧಿಗೆ ಸರ್ಕಾರ ಹೆಚ್ಚಿನ ಅನುದಾನ ನೀಡಿದೆ ಎಂದು ಶಾಸಕ ಸಿ.ಬಿ.ಸುರೇಶ್‌ಬಾಬು ತಿಳಿಸಿದರು. ಹುಳಿಯಾರು ಹೋಬಳಿ ಬರಕನಹಾಳ್ ಗ್ರಾಮದಲ್ಲಿ ರಸ್ತೆ ಕಾಮಗಾರಿಗೆ ಗುದ್ದಲಿ ಪೂಜೆ ನೆರವೇರಿಸಿ ಮಾತನಾಡಿದ ಅವರು, ಈ ರಸ್ತೆಗಳ ನಿರ್ಮಾಣದಿಂದ ಗ್ರಾಮಗಳ ಸಂಪರ್ಕ ಸುಧಾರಿಸಲಿದೆ. ಹುಳಿಯಾರಿನಿಂದ ಶೆಟ್ಟಿಕೆರೆ ಮಾರ್ಗದ ರಸ್ತೆಗೆ 33.37 ಕೋಟಿ ವೆಚ್ಚದಲ್ಲಿ, ಕೋಡಿಹಳ್ಳಿ ಕ್ರಾಸ್ ನಿಂದ ಯಳನಾಡು ಮಾರ್ಗದ ರಸ್ತೆಗೆ 27.72 ಕೋಟಿ, ಇತರೆ ರಸ್ತೆಗೆ 7.77 ಕೋಟಿ ವೆಚ್ಚದಲ್ಲಿ ಕಾಮಗಾರಿ ಕೈಗೊಳ್ಳಲಾಗಿದೆ ಎಂದರು.

ಹುಳಿಯಾರು: ಗಣಿ ಬಾಧಿತ ಪ್ರದೇಶಾಭಿವೃದ್ಧಿ ಯೋಜನೆಯಡಿ ವಿವಿಧ ಗ್ರಾಮಗಳಲ್ಲಿ 68.86 ಕೋಟಿ ವೆಚ್ಚದಲ್ಲಿ ಗುಣಮಟ್ಟದ ರಸ್ತೆಗಳನ್ನು ನಿರ್ಮಿಸಲಾಗುತ್ತಿದ್ದು, ಕ್ಷೇತ್ರದ ಅಭಿವೃದ್ಧಿಗೆ ಸರ್ಕಾರ ಹೆಚ್ಚಿನ ಅನುದಾನ ನೀಡಿದೆ ಎಂದು ಶಾಸಕ ಸಿ.ಬಿ.ಸುರೇಶ್‌ಬಾಬು ತಿಳಿಸಿದರು. ಹುಳಿಯಾರು ಹೋಬಳಿ ಬರಕನಹಾಳ್ ಗ್ರಾಮದಲ್ಲಿ ರಸ್ತೆ ಕಾಮಗಾರಿಗೆ ಗುದ್ದಲಿ ಪೂಜೆ ನೆರವೇರಿಸಿ ಮಾತನಾಡಿದ ಅವರು, ಈ ರಸ್ತೆಗಳ ನಿರ್ಮಾಣದಿಂದ ಗ್ರಾಮಗಳ ಸಂಪರ್ಕ ಸುಧಾರಿಸಲಿದೆ. ಹುಳಿಯಾರಿನಿಂದ ಶೆಟ್ಟಿಕೆರೆ ಮಾರ್ಗದ ರಸ್ತೆಗೆ 33.37 ಕೋಟಿ ವೆಚ್ಚದಲ್ಲಿ, ಕೋಡಿಹಳ್ಳಿ ಕ್ರಾಸ್ ನಿಂದ ಯಳನಾಡು ಮಾರ್ಗದ ರಸ್ತೆಗೆ 27.72 ಕೋಟಿ, ಇತರೆ ರಸ್ತೆಗೆ 7.77 ಕೋಟಿ ವೆಚ್ಚದಲ್ಲಿ ಕಾಮಗಾರಿ ಕೈಗೊಳ್ಳಲಾಗಿದೆ ಎಂದರು.

ಹುಳಿಯಾರು: ಗಣಿ ಬಾಧಿತ ಪ್ರದೇಶಾಭಿವೃದ್ಧಿ ಯೋಜನೆಯಡಿ ವಿವಿಧ ಗ್ರಾಮಗಳಲ್ಲಿ 68.86 ಕೋಟಿ ವೆಚ್ಚದಲ್ಲಿ ಗುಣಮಟ್ಟದ ರಸ್ತೆಗಳನ್ನು ನಿರ್ಮಿಸಲಾಗುತ್ತಿದ್ದು, ಕ್ಷೇತ್ರದ ಅಭಿವೃದ್ಧಿಗೆ ಸರ್ಕಾರ ಹೆಚ್ಚಿನ ಅನುದಾನ ನೀಡಿದೆ ಎಂದು ಶಾಸಕ ಸಿ.ಬಿ.ಸುರೇಶ್‌ಬಾಬು ತಿಳಿಸಿದರು. ಹುಳಿಯಾರು ಹೋಬಳಿ ಬರಕನಹಾಳ್ ಗ್ರಾಮದಲ್ಲಿ ರಸ್ತೆ ಕಾಮಗಾರಿಗೆ ಗುದ್ದಲಿ ಪೂಜೆ ನೆರವೇರಿಸಿ ಮಾತನಾಡಿದ ಅವರು, ಈ ರಸ್ತೆಗಳ ನಿರ್ಮಾಣದಿಂದ ಗ್ರಾಮಗಳ ಸಂಪರ್ಕ ಸುಧಾರಿಸಲಿದೆ. ಹುಳಿಯಾರಿನಿಂದ ಶೆಟ್ಟಿಕೆರೆ ಮಾರ್ಗದ ರಸ್ತೆಗೆ 33.37 ಕೋಟಿ ವೆಚ್ಚದಲ್ಲಿ, ಕೋಡಿಹಳ್ಳಿ ಕ್ರಾಸ್ ನಿಂದ ಯಳನಾಡು ಮಾರ್ಗದ ರಸ್ತೆಗೆ 27.72 ಕೋಟಿ, ಇತರೆ ರಸ್ತೆಗೆ 7.77 ಕೋಟಿ ವೆಚ್ಚದಲ್ಲಿ ಕಾಮಗಾರಿ ಕೈಗೊಳ್ಳಲಾಗಿದೆ ಎಂದರು.

Printed by: H.S.PARAMESH, SRI LAKSHMINARASIMHA OFFSET PRINTERS, 7TH CROSS, SRIRAMANAGARA, TUMAKURU, TUMAKURU DIST., KARNATAKA PIN-572101

Published by RADHIKA A.R., D/O RAMAKRISHNAIAH, BEHAIND AC OFFICE, SWEET WATER BOREWELL ROAD, MADHUGIRI, MADHUGIRI TALUK, TUMAKURU DIST. KARNATAKA PIN-572132 owned by RADHIKA A.R., D/O RAMAKRISHNAIAH, BEHAIND AC OFFICE, SWEET WATER BOREWELL ROAD, MADHUGIRI, MADHUGIRI TALUK, TUMAKURU DIST.

KARNATAKA PIN-572132 Printed at SRI LAKSHMINARASIMHA OFFSET PRINTERS, 7TH CROSS, SRIRAMANAGARA, TUMAKURU, TUMAKURU DIST., KARNATAKA PIN-572101 and published at TUMAKURU. BEHAIND AC OFFICE, SWEET WATER BOREWELL ROAD, MADHUGIRI, MADHUGIRI TALUK, TUMAKURU DIST. KARNATAKA PIN-572132

Editor: RADHIKA A.R. “KARNATAKA SUCCESS NO 1” KANNADA Daily News Paper
